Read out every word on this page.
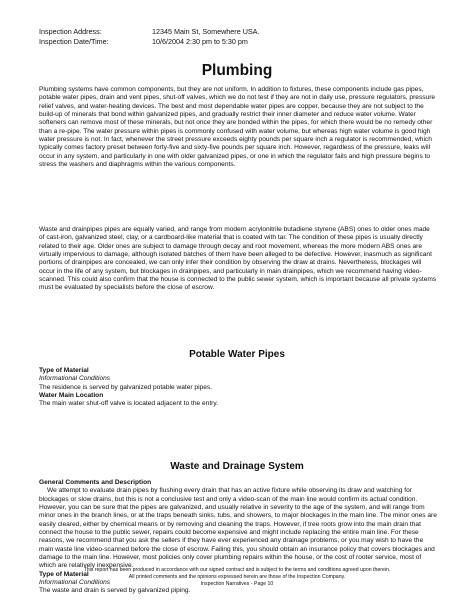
Inspection Address:	12345 Main St, Somewhere USA.
Inspection Date/Time:	10/6/2004 2:30 pm to 5:30 pm
Plumbing

Plumbing systems have common components, but they are not uniform. In addition to fixtures, these components include gas pipes, potable water pipes, drain and vent pipes, shut-off valves, which we do not test if they are not in daily use, pressure regulators, pressure relief valves, and water-heating devices. The best and most dependable water pipes are copper, because they are not subject to the build-up of minerals that bond within galvanized pipes, and gradually restrict their inner diameter and reduce water volume. Water softeners can remove most of these minerals, but not once they are bonded within the pipes, for which there would be no remedy other than a re-pipe. The water pressure within pipes is commonly confused with water volume, but whereas high water volume is good high water pressure is not. In fact, whenever the street pressure exceeds eighty pounds per square inch a regulator is recommended, which typically comes factory preset between forty-five and sixty-five pounds per square inch. However, regardless of the pressure, leaks will occur in any system, and particularly in one with older galvanized pipes, or one in which the regulator fails and high pressure begins to stress the washers and diaphragms within the various components.

Waste and drainpipes pipes are equally varied, and range from modern acrylonitrile butadiene styrene (ABS) ones to older ones made of cast-iron, galvanized steel, clay, or a cardboard-like material that is coated with tar. The condition of these pipes is usually directly related to their age. Older ones are subject to damage through decay and root movement, whereas the more modern ABS ones are virtually impervious to damage, although isolated batches of them have been alleged to be defective. However, inasmuch as significant portions of drainpipes are concealed, we can only infer their condition by observing the draw at drains. Nevertheless, blockages will occur in the life of any system, but blockages in drainpipes, and particularly in main drainpipes, which we recommend having video-scanned. This could also confirm that the house is connected to the public sewer system, which is important because all private systems must be evaluated by specialists before the close of escrow.

Potable Water Pipes
Type of Material
Informational Conditions
The residence is served by galvanized potable water pipes.
Water Main Location
The main water shut-off valve is located adjacent to the entry.
Waste and Drainage System
General Comments and Description
We attempt to evaluate drain pipes by flushing every drain that has an active fixture while observing its draw and watching for blockages or slow drains, but this is not a conclusive test and only a video-scan of the main line would confirm its actual condition. However, you can be sure that the pipes are galvanized, and usually relative in severity to the age of the system, and will range from minor ones in the branch lines, or at the traps beneath sinks, tubs, and showers, to major blockages in the main line. The minor ones are easily cleared, either by chemical means or by removing and cleaning the traps. However, if tree roots grow into the main drain that connect the house to the public sewer, repairs could become expensive and might include replacing the entire main line. For these reasons, we recommend that you ask the sellers if they have ever experienced any drainage problems, or you may wish to have the main waste line video-scanned before the close of escrow. Failing this, you should obtain an insurance policy that covers blockages and damage to the main line. However, most policies only cover plumbing repairs within the house, or the cost of rooter service, most of which are relatively inexpensive.
Type of Material
Informational Conditions
The waste and drain is served by galvanized piping.
This report has been produced in accordance with our signed contract and is subject to the terms and conditions agreed upon therein.
All printed comments and the opinions expressed herein are those of the Inspection Company.
Inspection Narratives - Page 10
